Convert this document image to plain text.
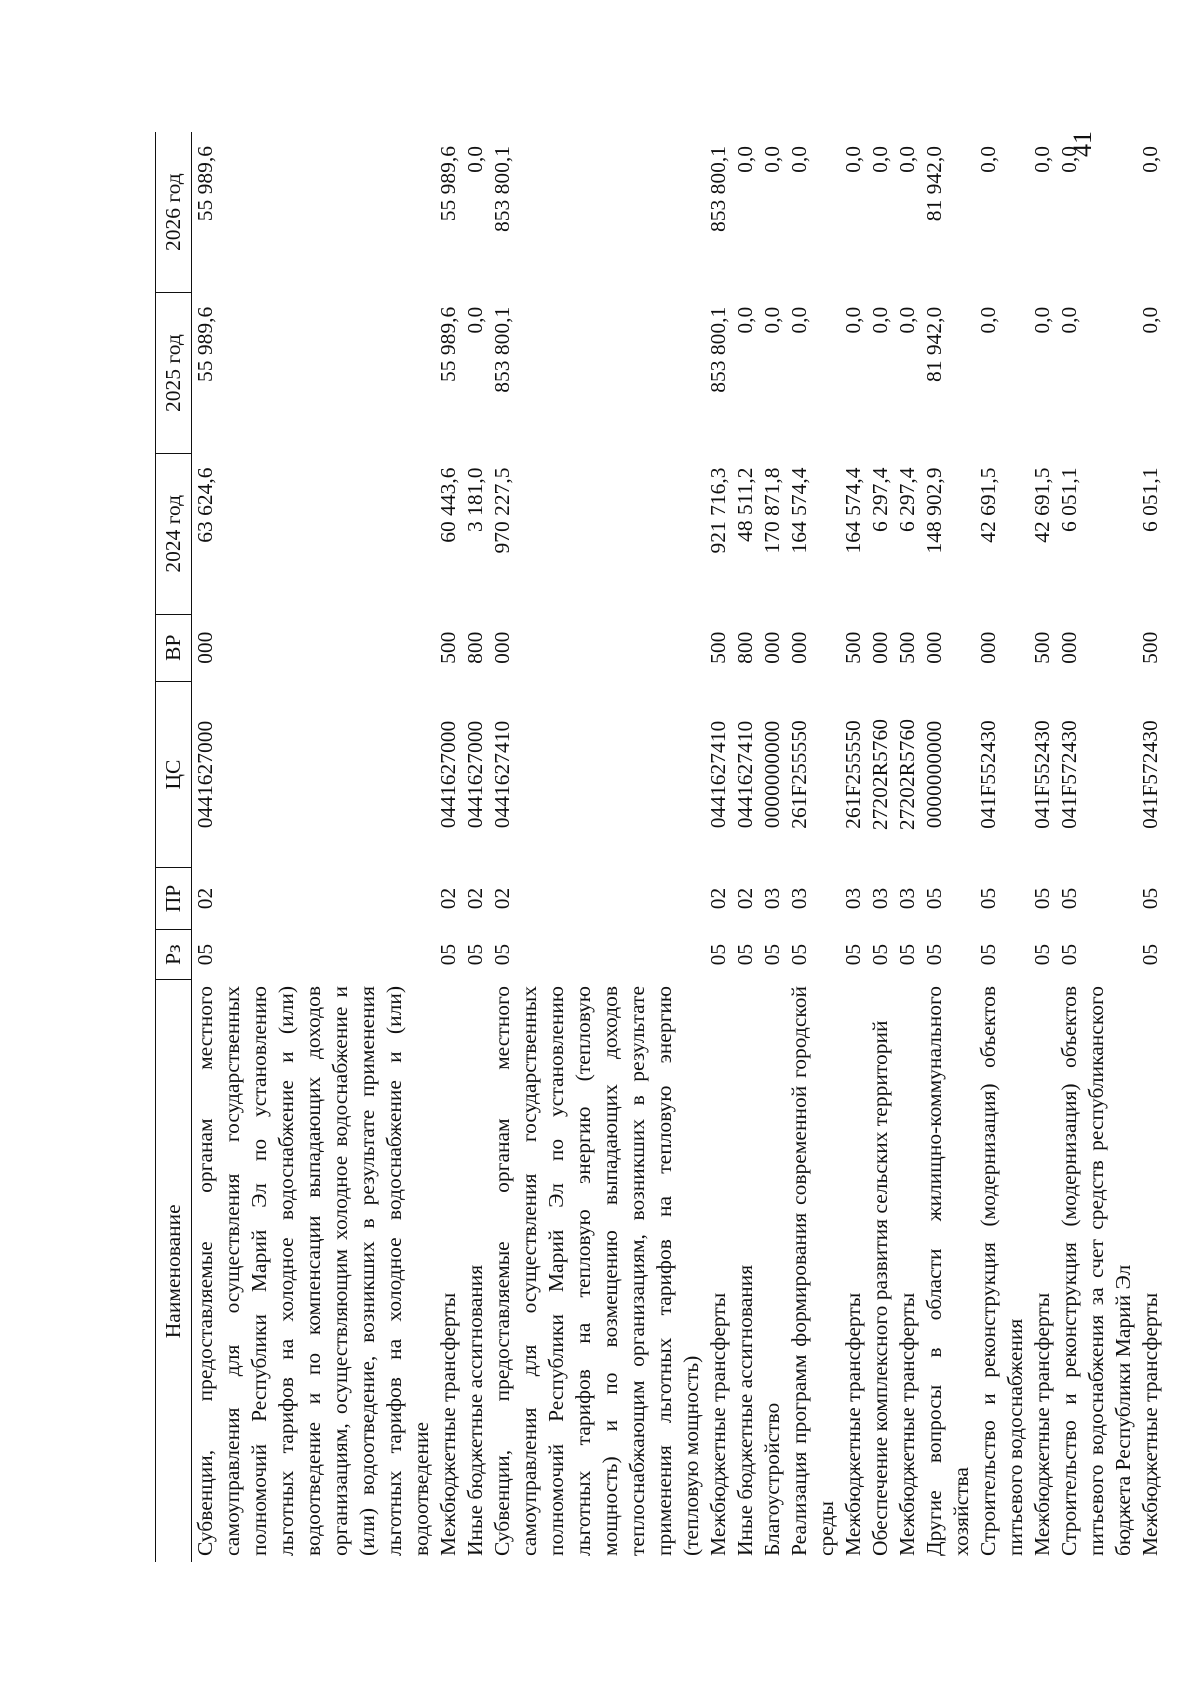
41
Наименование	Рз	ПР	ЦС	ВР	2024 год	2025 год	2026 год
Субвенции, предоставляемые органам местного самоуправления для осуществления государственных полномочий Республики Марий Эл по установлению льготных тарифов на холодное водоснабжение и (или) водоотведение и по компенсации выпадающих доходов организациям, осуществляющим холодное водоснабжение и (или) водоотведение, возникших в результате применения льготных тарифов на холодное водоснабжение и (или) водоотведение	05	02	0441627000	000	63 624,6	55 989,6	55 989,6
Межбюджетные трансферты	05	02	0441627000	500	60 443,6	55 989,6	55 989,6
Иные бюджетные ассигнования	05	02	0441627000	800	3 181,0	0,0	0,0
Субвенции, предоставляемые органам местного самоуправления для осуществления государственных полномочий Республики Марий Эл по установлению льготных тарифов на тепловую энергию (тепловую мощность) и по возмещению выпадающих доходов теплоснабжающим организациям, возникших в результате применения льготных тарифов на тепловую энергию (тепловую мощность)	05	02	0441627410	000	970 227,5	853 800,1	853 800,1
Межбюджетные трансферты	05	02	0441627410	500	921 716,3	853 800,1	853 800,1
Иные бюджетные ассигнования	05	02	0441627410	800	48 511,2	0,0	0,0
Благоустройство	05	03	0000000000	000	170 871,8	0,0	0,0
Реализация программ формирования современной городской среды	05	03	261F255550	000	164 574,4	0,0	0,0
Межбюджетные трансферты	05	03	261F255550	500	164 574,4	0,0	0,0
Обеспечение комплексного развития сельских территорий	05	03	27202R5760	000	6 297,4	0,0	0,0
Межбюджетные трансферты	05	03	27202R5760	500	6 297,4	0,0	0,0
Другие вопросы в области жилищно-коммунального хозяйства	05	05	0000000000	000	148 902,9	81 942,0	81 942,0
Строительство и реконструкция (модернизация) объектов питьевого водоснабжения	05	05	041F552430	000	42 691,5	0,0	0,0
Межбюджетные трансферты	05	05	041F552430	500	42 691,5	0,0	0,0
Строительство и реконструкция (модернизация) объектов питьевого водоснабжения за счет средств республиканского бюджета Республики Марий Эл	05	05	041F572430	000	6 051,1	0,0	0,0
Межбюджетные трансферты	05	05	041F572430	500	6 051,1	0,0	0,0
